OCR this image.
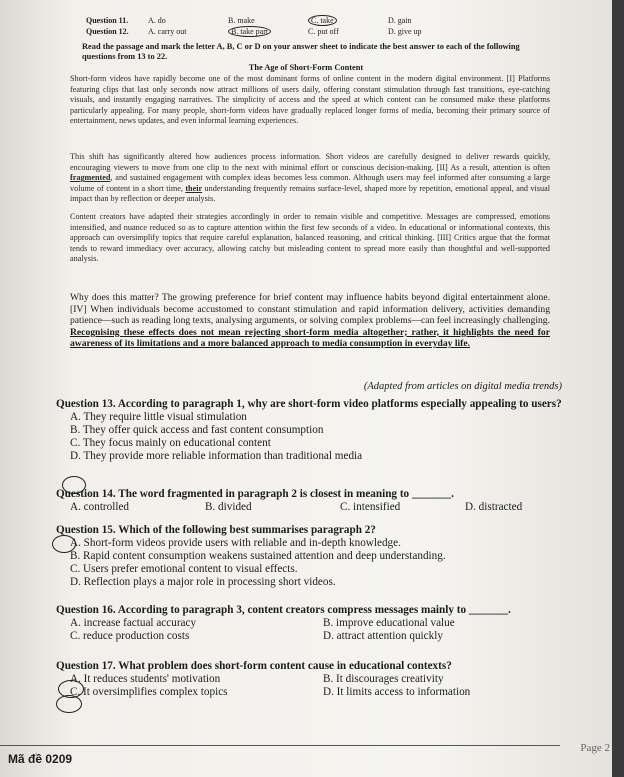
Question 11.	A. do	B. make	C. take	D. gain
Question 12.	A. carry out	B. take part	C. put off	D. give up
Read the passage and mark the letter A, B, C or D on your answer sheet to indicate the best answer to each of the following questions from 13 to 22.
The Age of Short-Form Content
Short-form videos have rapidly become one of the most dominant forms of online content in the modern digital environment. [I] Platforms featuring clips that last only seconds now attract millions of users daily, offering constant stimulation through fast transitions, eye-catching visuals, and instantly engaging narratives. The simplicity of access and the speed at which content can be consumed make these platforms particularly appealing. For many people, short-form videos have gradually replaced longer forms of media, becoming their primary source of entertainment, news updates, and even informal learning experiences.
This shift has significantly altered how audiences process information. Short videos are carefully designed to deliver rewards quickly, encouraging viewers to move from one clip to the next with minimal effort or conscious decision-making. [II] As a result, attention is often fragmented, and sustained engagement with complex ideas becomes less common. Although users may feel informed after consuming a large volume of content in a short time, their understanding frequently remains surface-level, shaped more by repetition, emotional appeal, and visual impact than by reflection or deeper analysis.
Content creators have adapted their strategies accordingly in order to remain visible and competitive. Messages are compressed, emotions intensified, and nuance reduced so as to capture attention within the first few seconds of a video. In educational or informational contexts, this approach can oversimplify topics that require careful explanation, balanced reasoning, and critical thinking. [III] Critics argue that the format tends to reward immediacy over accuracy, allowing catchy but misleading content to spread more easily than thoughtful and well-supported analysis.
Why does this matter? The growing preference for brief content may influence habits beyond digital entertainment alone. [IV] When individuals become accustomed to constant stimulation and rapid information delivery, activities demanding patience—such as reading long texts, analysing arguments, or solving complex problems—can feel increasingly challenging. Recognising these effects does not mean rejecting short-form media altogether; rather, it highlights the need for awareness of its limitations and a more balanced approach to media consumption in everyday life.
(Adapted from articles on digital media trends)
Question 13. According to paragraph 1, why are short-form video platforms especially appealing to users?
A. They require little visual stimulation
B. They offer quick access and fast content consumption
C. They focus mainly on educational content
D. They provide more reliable information than traditional media
Question 14. The word fragmented in paragraph 2 is closest in meaning to _______.
A. controlled	B. divided	C. intensified	D. distracted
Question 15. Which of the following best summarises paragraph 2?
A. Short-form videos provide users with reliable and in-depth knowledge.
B. Rapid content consumption weakens sustained attention and deep understanding.
C. Users prefer emotional content to visual effects.
D. Reflection plays a major role in processing short videos.
Question 16. According to paragraph 3, content creators compress messages mainly to _______.
A. increase factual accuracy	B. improve educational value
C. reduce production costs	D. attract attention quickly
Question 17. What problem does short-form content cause in educational contexts?
A. It reduces students' motivation	B. It discourages creativity
C. It oversimplifies complex topics	D. It limits access to information
Mã đề 0209
Page 2
